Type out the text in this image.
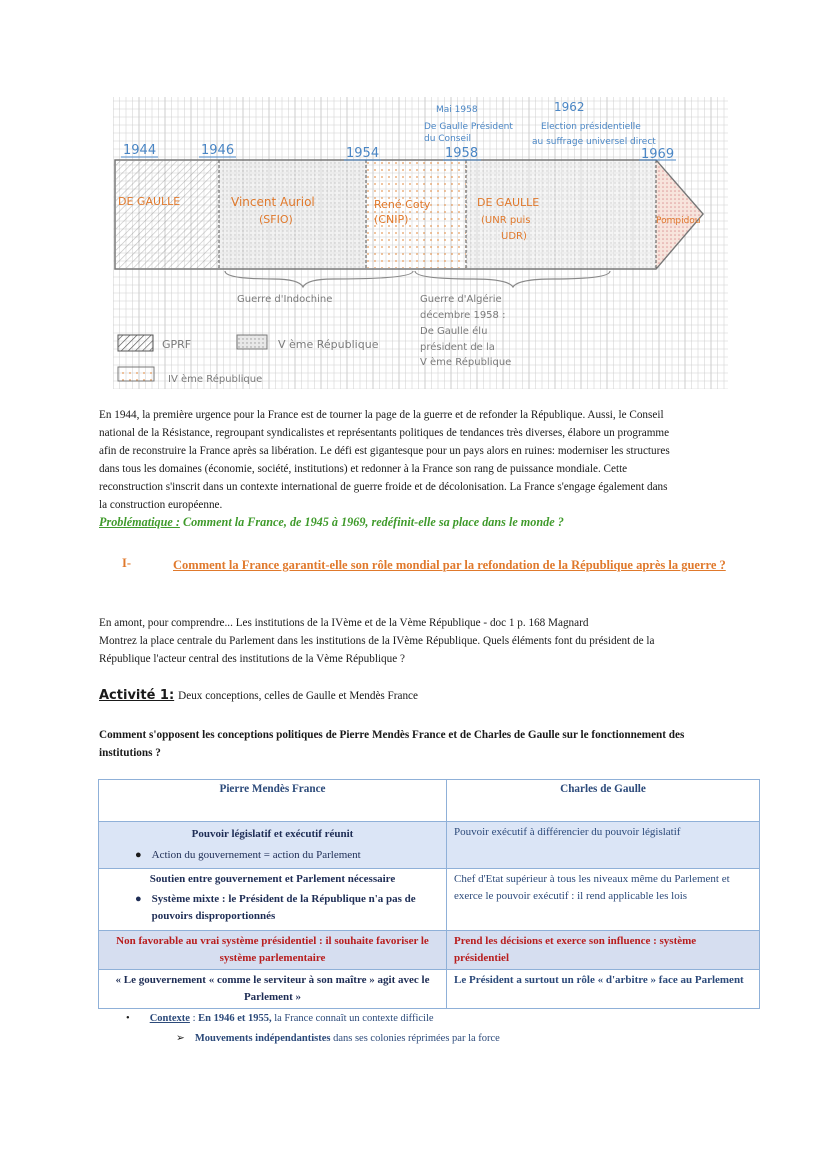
1944	1946	1954	1958	1969
Mai 1958
De Gaulle Président
du Conseil
1962
Election présidentielle
au suffrage universel direct
DE GAULLE	Vincent Auriol
(SFIO)
René Coty
(CNIP)
DE GAULLE
(UNR puis
UDR)
Pompidou
Guerre d'Indochine	Guerre d'Algérie
décembre 1958 :
De Gaulle élu
président de la
V ème République
GPRF	V ème République
IV ème République
En 1944, la première urgence pour la France est de tourner la page de la guerre et de refonder la République. Aussi, le Conseil
national de la Résistance, regroupant syndicalistes et représentants politiques de tendances très diverses, élabore un programme
afin de reconstruire la France après sa libération. Le défi est gigantesque pour un pays alors en ruines: moderniser les structures
dans tous les domaines (économie, société, institutions) et redonner à la France son rang de puissance mondiale. Cette
reconstruction s'inscrit dans un contexte international de guerre froide et de décolonisation. La France s'engage également dans
la construction européenne.
Problématique : Comment la France, de 1945 à 1969, redéfinit-elle sa place dans le monde ?
I-	Comment la France garantit-elle son rôle mondial par la refondation de la République après la guerre ?
En amont, pour comprendre... Les institutions de la IVème et de la Vème République - doc 1 p. 168 Magnard
Montrez la place centrale du Parlement dans les institutions de la IVème République. Quels éléments font du président de la
République l'acteur central des institutions de la Vème République ?
Activité 1: Deux conceptions, celles de Gaulle et Mendès France
Comment s'opposent les conceptions politiques de Pierre Mendès France et de Charles de Gaulle sur le fonctionnement des institutions ?
Pierre Mendès France	Charles de Gaulle

Pouvoir législatif et exécutif réunit
● Action du gouvernement = action du Parlement	Pouvoir exécutif à différencier du pouvoir législatif

Soutien entre gouvernement et Parlement nécessaire
● Système mixte : le Président de la République n'a pas de pouvoirs disproportionnés	Chef d'Etat supérieur à tous les niveaux même du Parlement et exerce le pouvoir exécutif : il rend applicable les lois
Non favorable au vrai système présidentiel : il souhaite favoriser le système parlementaire	Prend les décisions et exerce son influence : système présidentiel
« Le gouvernement « comme le serviteur à son maître » agit avec le Parlement »	Le Président a surtout un rôle « d'arbitre » face au Parlement
• Contexte : En 1946 et 1955, la France connaît un contexte difficile
➢ Mouvements indépendantistes dans ses colonies réprimées par la force
